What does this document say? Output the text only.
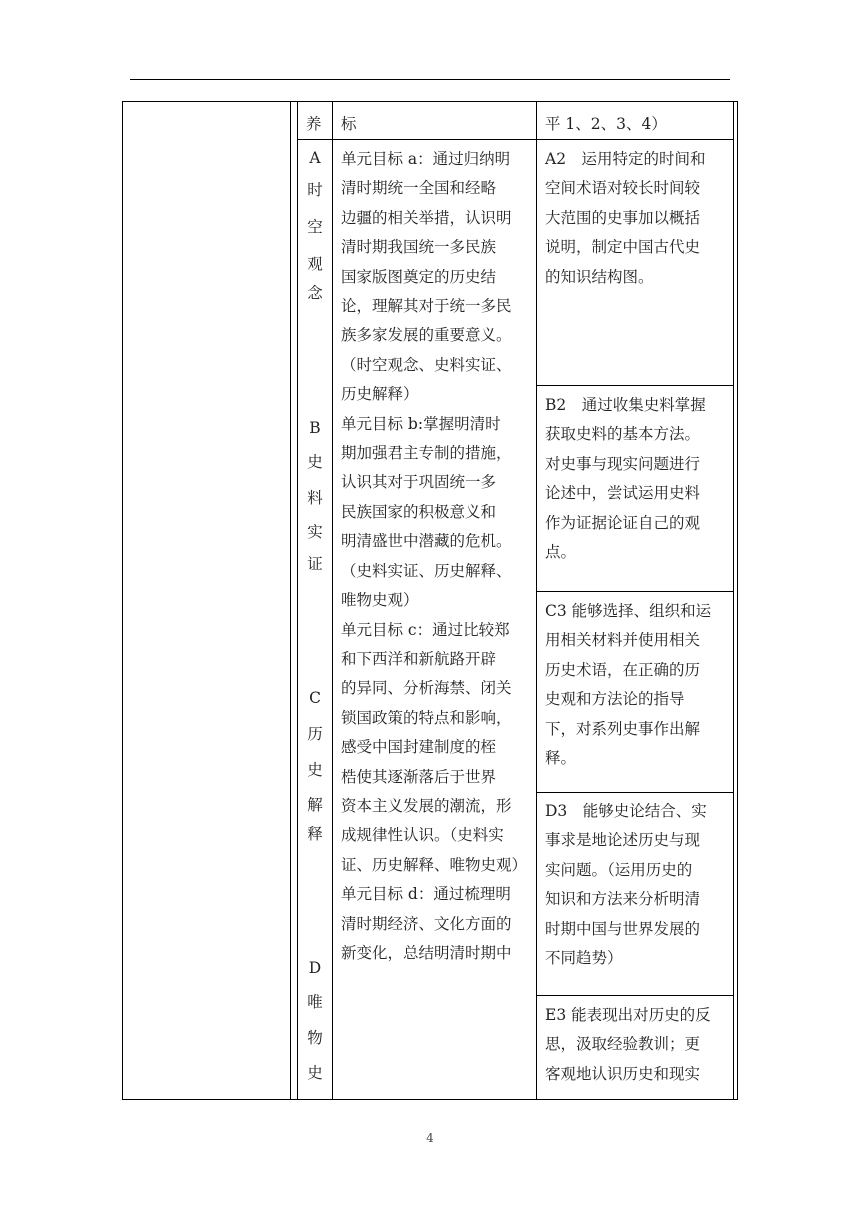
养 标	平 1、2、3、4）
A
时
空
观
念
B
史
料
实
证
C
历
史
解
释
D
唯
物
史
单元目标 a：通过归纳明
清时期统一全国和经略
边疆的相关举措，认识明
清时期我国统一多民族
国家版图奠定的历史结
论，理解其对于统一多民
族多家发展的重要意义。
（时空观念、史料实证、
历史解释）
单元目标 b:掌握明清时
期加强君主专制的措施，
认识其对于巩固统一多
民族国家的积极意义和
明清盛世中潜藏的危机。
（史料实证、历史解释、
唯物史观）
单元目标 c：通过比较郑
和下西洋和新航路开辟
的异同、分析海禁、闭关
锁国政策的特点和影响，
感受中国封建制度的桎
梏使其逐渐落后于世界
资本主义发展的潮流，形
成规律性认识。（史料实
证、历史解释、唯物史观）
单元目标 d：通过梳理明
清时期经济、文化方面的
新变化，总结明清时期中
A2　运用特定的时间和
空间术语对较长时间较
大范围的史事加以概括
说明，制定中国古代史
的知识结构图。
B2　通过收集史料掌握
获取史料的基本方法。
对史事与现实问题进行
论述中，尝试运用史料
作为证据论证自己的观
点。
C3 能够选择、组织和运
用相关材料并使用相关
历史术语，在正确的历
史观和方法论的指导
下，对系列史事作出解
释。
D3　能够史论结合、实
事求是地论述历史与现
实问题。（运用历史的
知识和方法来分析明清
时期中国与世界发展的
不同趋势）
E3 能表现出对历史的反
思，汲取经验教训；更
客观地认识历史和现实
4
